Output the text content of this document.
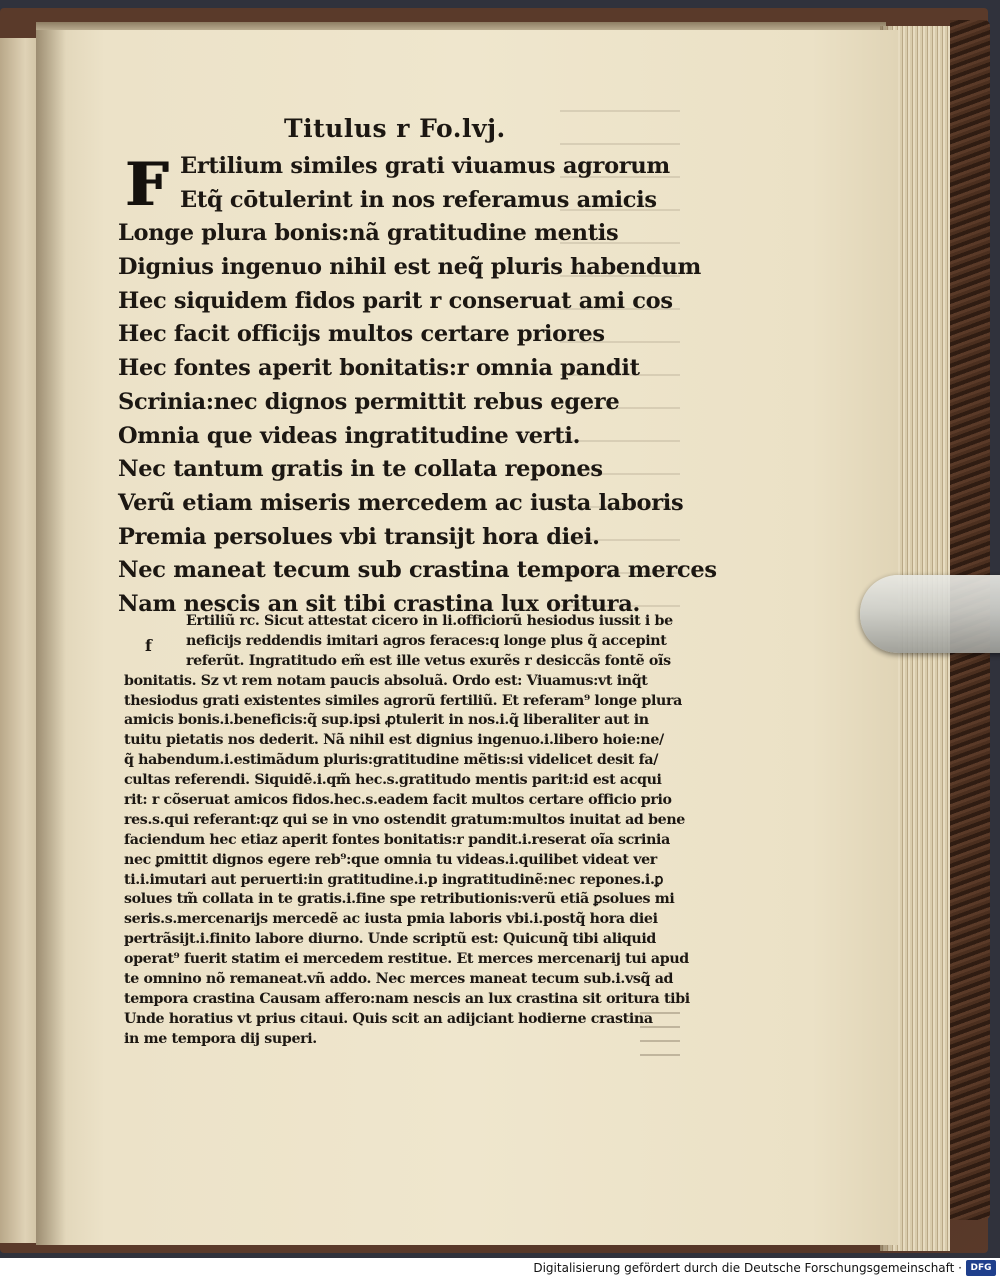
Titulus r Fo.lvj.
F Ertilium similes grati viuamus agrorum
Etq̃ cōtulerint in nos referamus amicis
Longe plura bonis:nã gratitudine mentis
Dignius ingenuo nihil est neq̃ pluris habendum
Hec siquidem fidos parit r conseruat ami cos
Hec facit officijs multos certare priores
Hec fontes aperit bonitatis:r omnia pandit
Scrinia:nec dignos permittit rebus egere
Omnia que videas ingratitudine verti.
Nec tantum gratis in te collata repones
Verũ etiam miseris mercedem ac iusta laboris
Premia persolues vbi transijt hora diei.
Nec maneat tecum sub crastina tempora merces
Nam nescis an sit tibi crastina lux oritura.
f
Ertiliũ rc. Sicut attestat cicero in li.officiorũ hesiodus iussit i be
neficijs reddendis imitari agros feraces:q longe plus q̃ accepint
referũt. Ingratitudo em̃ est ille vetus exurẽs r desiccãs fontẽ oĩs
bonitatis. Sz vt rem notam paucis absoluã. Ordo est: Viuamus:vt inq̃t
thesiodus grati existentes similes agrorũ fertiliũ. Et referam⁹ longe plura
amicis bonis.i.beneficis:q̃ sup.ipsi ꝓtulerit in nos.i.q̃ liberaliter aut in
tuitu pietatis nos dederit. Nã nihil est dignius ingenuo.i.libero hoie:ne/
q̃ habendum.i.estimãdum pluris:gratitudine mẽtis:si videlicet desit fa/
cultas referendi. Siquidẽ.i.qm̃ hec.s.gratitudo mentis parit:id est acqui
rit: r cõseruat amicos fidos.hec.s.eadem facit multos certare officio prio
res.s.qui referant:qz qui se in vno ostendit gratum:multos inuitat ad bene
faciendum hec etiaz aperit fontes bonitatis:r pandit.i.reserat oĩa scrinia
nec ꝑmittit dignos egere reb⁹:que omnia tu videas.i.quilibet videat ver
ti.i.imutari aut peruerti:in gratitudine.i.p ingratitudinẽ:nec repones.i.ꝑ
solues tm̃ collata in te gratis.i.fine spe retributionis:verũ etiã ꝑsolues mi
seris.s.mercenarijs mercedẽ ac iusta pmia laboris vbi.i.postq̃ hora diei
pertrãsijt.i.finito labore diurno. Unde scriptũ est: Quicunq̃ tibi aliquid
operat⁹ fuerit statim ei mercedem restitue. Et merces mercenarij tui apud
te omnino nõ remaneat.vñ addo. Nec merces maneat tecum sub.i.vsq̃ ad
tempora crastina Causam affero:nam nescis an lux crastina sit oritura tibi
Unde horatius vt prius citaui. Quis scit an adijciant hodierne crastina
in me tempora dij superi.
Digitalisierung gefördert durch die Deutsche Forschungsgemeinschaft · DFG
